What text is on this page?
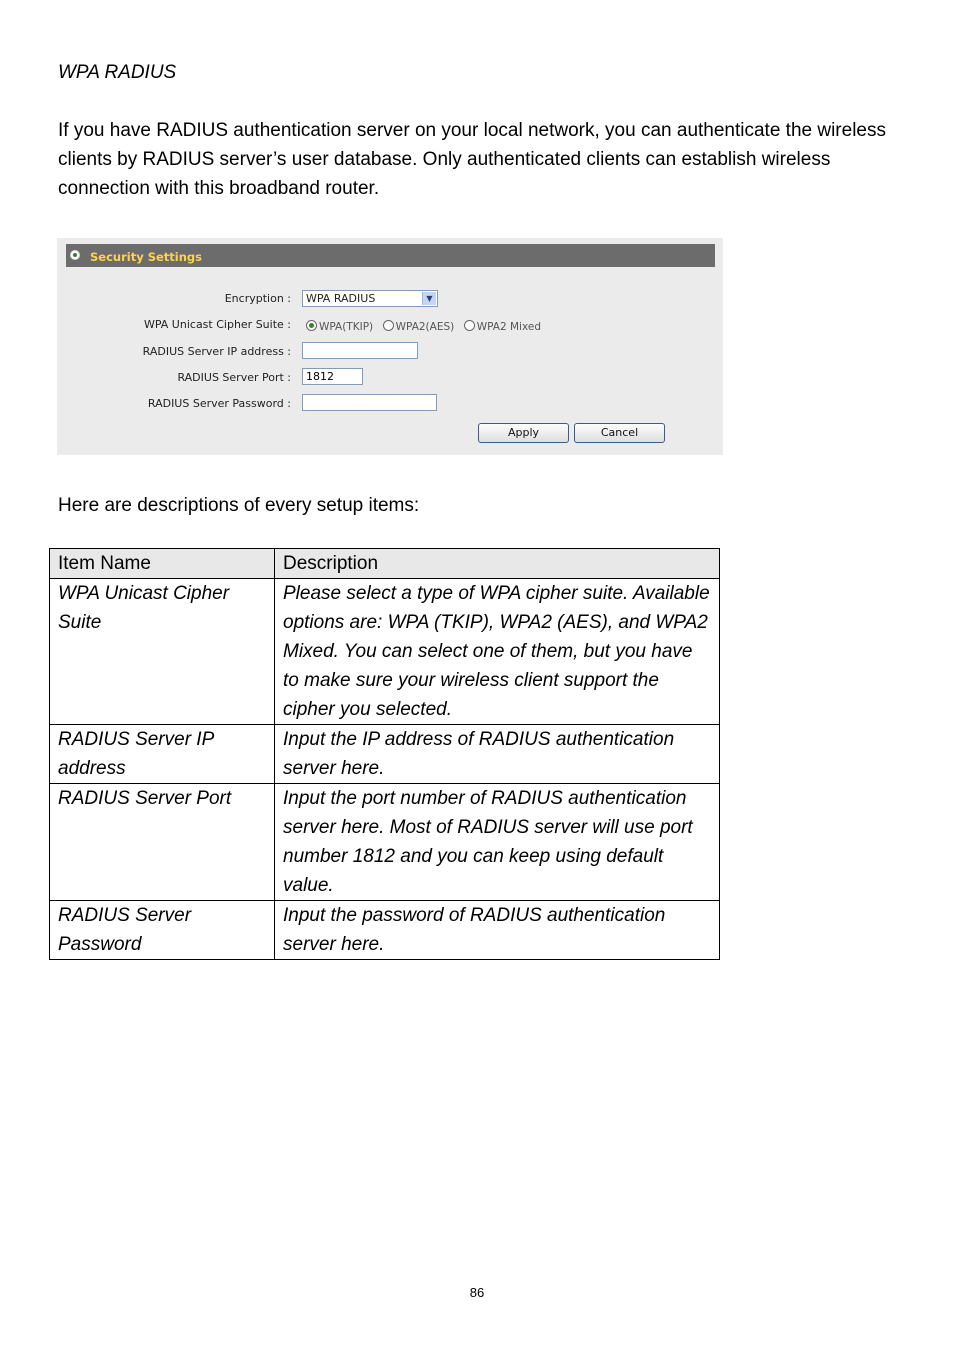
WPA RADIUS
If you have RADIUS authentication server on your local network, you can authenticate the wireless clients by RADIUS server’s user database. Only authenticated clients can establish wireless connection with this broadband router.
Security Settings
Encryption : WPA RADIUS	▼
WPA Unicast Cipher Suite :	WPA(TKIP) WPA2(AES) WPA2 Mixed
RADIUS Server IP address :
RADIUS Server Port :
1812
RADIUS Server Password :
Apply	Cancel
Here are descriptions of every setup items:
Item Name	Description
WPA Unicast Cipher Suite	Please select a type of WPA cipher suite. Available options are: WPA (TKIP), WPA2 (AES), and WPA2 Mixed. You can select one of them, but you have to make sure your wireless client support the cipher you selected.
RADIUS Server IP address	Input the IP address of RADIUS authentication server here.
RADIUS Server Port	Input the port number of RADIUS authentication server here. Most of RADIUS server will use port number 1812 and you can keep using default value.
RADIUS Server Password	Input the password of RADIUS authentication server here.
86
